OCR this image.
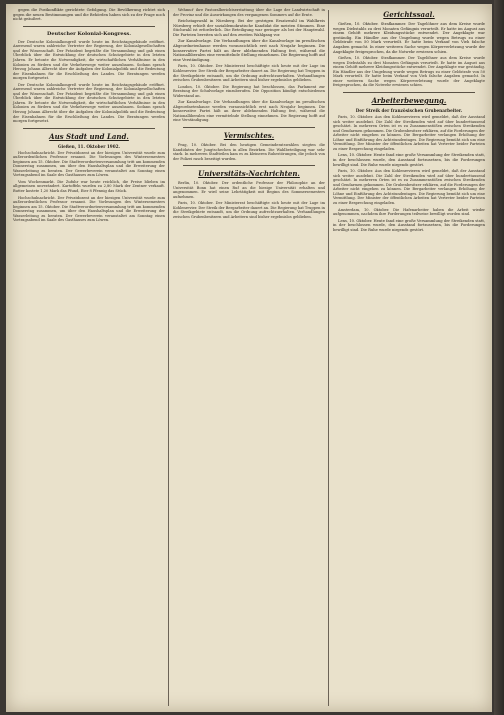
gegen die Postkonflikte gerichtete Gefolgung. Die Bevölkerung richtet sich gegen die neuen Bestimmungen und die Behörden haben sich zu der Frage noch nicht geäußert.

Deutscher Kolonial-Kongress.

Der Deutsche Kolonialkongreß wurde heute im Reichstagsgebäude eröffnet. Anwesend waren zahlreiche Vertreter der Regierung, der Kolonialgesellschaften und der Wissenschaft. Der Präsident begrüßte die Versammlung und gab einen Überblick über die Entwicklung der deutschen Schutzgebiete in den letzten Jahren. Er betonte die Notwendigkeit, die wirtschaftlichen Verhältnisse in den Kolonien zu fördern und die Verkehrswege weiter auszubauen. Sodann sprach Herzog Johann Albrecht über die Aufgaben der Kolonialpolitik und die Bedeutung der Eisenbahnen für die Erschließung des Landes. Die Beratungen werden morgen fortgesetzt.

Der Deutsche Kolonialkongreß wurde heute im Reichstagsgebäude eröffnet. Anwesend waren zahlreiche Vertreter der Regierung, der Kolonialgesellschaften und der Wissenschaft. Der Präsident begrüßte die Versammlung und gab einen Überblick über die Entwicklung der deutschen Schutzgebiete in den letzten Jahren. Er betonte die Notwendigkeit, die wirtschaftlichen Verhältnisse in den Kolonien zu fördern und die Verkehrswege weiter auszubauen. Sodann sprach Herzog Johann Albrecht über die Aufgaben der Kolonialpolitik und die Bedeutung der Eisenbahnen für die Erschließung des Landes. Die Beratungen werden morgen fortgesetzt.

Aus Stadt und Land.
Gießen, 11. Oktober 1902.

Hochschulnachricht. Der Privatdozent an der hiesigen Universität wurde zum außerordentlichen Professor ernannt. Die Vorlesungen des Wintersemesters beginnen am 15. Oktober. Die Stadtverordnetenversammlung tritt am kommenden Donnerstag zusammen, um über den Haushaltsplan und die Erweiterung der Wasserleitung zu beraten. Der Gewerbeverein veranstaltet am Sonntag einen Vortragsabend im Saale des Gasthauses zum Löwen.

Vom Wochenmarkt. Die Zufuhr war heute reichlich, die Preise blieben im allgemeinen unverändert. Kartoffeln wurden zu 2,80 Mark der Zentner verkauft. Butter kostete 1,20 Mark das Pfund, Eier 8 Pfennig das Stück.

Hochschulnachricht. Der Privatdozent an der hiesigen Universität wurde zum außerordentlichen Professor ernannt. Die Vorlesungen des Wintersemesters beginnen am 15. Oktober. Die Stadtverordnetenversammlung tritt am kommenden Donnerstag zusammen, um über den Haushaltsplan und die Erweiterung der Wasserleitung zu beraten. Der Gewerbeverein veranstaltet am Sonntag einen Vortragsabend im Saale des Gasthauses zum Löwen.

Wehmut' ihre Pastoralberichtserstattung über die Lage der Landwirtschaft in der Provinz und die Auswirkungen des vergangenen Sommers auf die Ernte.

Reichstagswahl in Nürnberg. Bei der gestrigen Ersatzwahl im Wahlkreis Nürnberg erhielt der sozialdemokratische Kandidat die meisten Stimmen. Eine Stichwahl ist erforderlich. Die Beteiligung war geringer als bei der Hauptwahl. Die Parteien bereiten sich auf den zweiten Wahlgang vor.

Zur Kanalvorlage. Die Verhandlungen über die Kanalvorlage im preußischen Abgeordnetenhause werden voraussichtlich erst nach Neujahr beginnen. Die konservative Partei hält an ihrer ablehnenden Haltung fest, während die Nationalliberalen eine vermittelnde Stellung einnehmen. Die Regierung hofft auf eine Verständigung.

Paris, 10. Oktober. Der Ministerrat beschäftigte sich heute mit der Lage im Kohlenrevier. Der Streik der Bergarbeiter dauert an. Die Regierung hat Truppen in die Streikgebiete entsandt, um die Ordnung aufrechtzuerhalten. Verhandlungen zwischen Grubenbesitzern und Arbeitern sind bisher ergebnislos geblieben.

London, 10. Oktober. Die Regierung hat beschlossen, das Parlament zur Beratung der Schulvorlage einzuberufen. Die Opposition kündigt entschiedenen Widerstand an.

Zur Kanalvorlage. Die Verhandlungen über die Kanalvorlage im preußischen Abgeordnetenhause werden voraussichtlich erst nach Neujahr beginnen. Die konservative Partei hält an ihrer ablehnenden Haltung fest, während die Nationalliberalen eine vermittelnde Stellung einnehmen. Die Regierung hofft auf eine Verständigung.

Vermischtes.

Prag, 10. Oktober. Bei den heutigen Gemeinderatswahlen siegten die Kandidaten der Jungtschechen in allen Bezirken. Die Wahlbeteiligung war sehr stark. In mehreren Stadtteilen kam es zu kleineren Ruhestörungen, die jedoch von der Polizei rasch beseitigt wurden.

Universitäts-Nachrichten.

Berlin, 10. Oktober. Der ordentliche Professor der Philosophie an der Universität Bonn hat einen Ruf an die hiesige Universität erhalten und angenommen. Er wird seine Lehrtätigkeit mit Beginn des Sommersemesters aufnehmen.

Paris, 10. Oktober. Der Ministerrat beschäftigte sich heute mit der Lage im Kohlenrevier. Der Streik der Bergarbeiter dauert an. Die Regierung hat Truppen in die Streikgebiete entsandt, um die Ordnung aufrechtzuerhalten. Verhandlungen zwischen Grubenbesitzern und Arbeitern sind bisher ergebnislos geblieben.

Gerichtssaal.

Gießen, 10. Oktober. Strafkammer. Der Tagelöhner aus dem Kreise wurde wegen Diebstahls zu drei Monaten Gefängnis verurteilt. Er hatte im August aus einem Gehöft mehrere Kleidungsstücke entwendet. Der Angeklagte war geständig. Ein Händler aus der Umgebung wurde wegen Betrugs zu einer Geldstrafe von 50 Mark verurteilt. Er hatte beim Verkauf von Vieh falsche Angaben gemacht. In einer weiteren Sache wegen Körperverletzung wurde der Angeklagte freigesprochen, da die Notwehr erwiesen schien.

Gießen, 10. Oktober. Strafkammer. Der Tagelöhner aus dem Kreise wurde wegen Diebstahls zu drei Monaten Gefängnis verurteilt. Er hatte im August aus einem Gehöft mehrere Kleidungsstücke entwendet. Der Angeklagte war geständig. Ein Händler aus der Umgebung wurde wegen Betrugs zu einer Geldstrafe von 50 Mark verurteilt. Er hatte beim Verkauf von Vieh falsche Angaben gemacht. In einer weiteren Sache wegen Körperverletzung wurde der Angeklagte freigesprochen, da die Notwehr erwiesen schien.

Arbeiterbewegung.
Der Streik der französischen Grubenarbeiter.

Paris, 10. Oktober. Aus den Kohlenrevieren wird gemeldet, daß der Ausstand sich weiter ausdehnt. Die Zahl der Streikenden wird auf über hunderttausend geschätzt. In mehreren Orten ist es zu Zusammenstößen zwischen Streikenden und Gendarmen gekommen. Die Grubenbesitzer erklären, auf die Forderungen der Arbeiter nicht eingehen zu können. Die Bergarbeiter verlangen Erhöhung der Löhne und Einführung des Achtstundentages. Die Regierung bemüht sich um eine Vermittlung. Der Minister der öffentlichen Arbeiten hat Vertreter beider Parteien zu einer Besprechung eingeladen.

Lens, 10. Oktober. Heute fand eine große Versammlung der Streikenden statt, in der beschlossen wurde, den Ausstand fortzusetzen, bis die Forderungen bewilligt sind. Die Ruhe wurde nirgends gestört.

Paris, 10. Oktober. Aus den Kohlenrevieren wird gemeldet, daß der Ausstand sich weiter ausdehnt. Die Zahl der Streikenden wird auf über hunderttausend geschätzt. In mehreren Orten ist es zu Zusammenstößen zwischen Streikenden und Gendarmen gekommen. Die Grubenbesitzer erklären, auf die Forderungen der Arbeiter nicht eingehen zu können. Die Bergarbeiter verlangen Erhöhung der Löhne und Einführung des Achtstundentages. Die Regierung bemüht sich um eine Vermittlung. Der Minister der öffentlichen Arbeiten hat Vertreter beider Parteien zu einer Besprechung eingeladen.

Amsterdam, 10. Oktober. Die Hafenarbeiter haben die Arbeit wieder aufgenommen, nachdem ihre Forderungen teilweise bewilligt worden sind.

Lens, 10. Oktober. Heute fand eine große Versammlung der Streikenden statt, in der beschlossen wurde, den Ausstand fortzusetzen, bis die Forderungen bewilligt sind. Die Ruhe wurde nirgends gestört.
